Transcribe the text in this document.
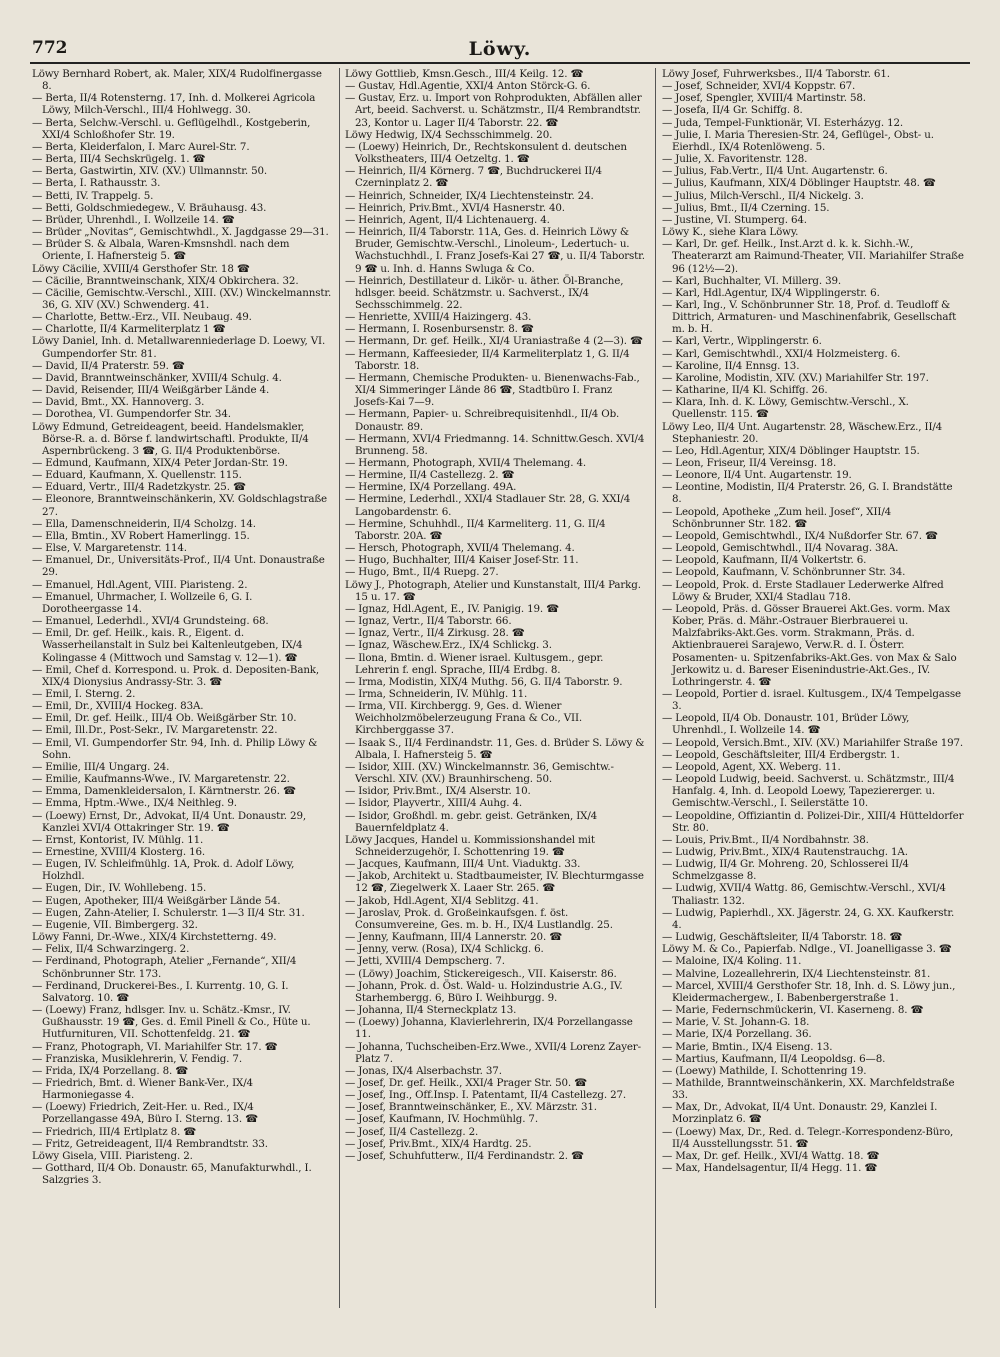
772	Löwy.

Löwy Bernhard Robert, ak. Maler, XIX/4 Rudolfinergasse 8.

— Berta, II/4 Rotensterng. 17, Inh. d. Molkerei Agricola Löwy, Milch-Verschl., III/4 Hohlwegg. 30.

— Berta, Selchw.-Verschl. u. Geflügelhdl., Kostgeberin, XXI/4 Schloßhofer Str. 19.

— Berta, Kleiderfalon, I. Marc Aurel-Str. 7.

— Berta, III/4 Sechskrügelg. 1. ☎

— Berta, Gastwirtin, XIV. (XV.) Ullmannstr. 50.

— Berta, I. Rathausstr. 3.

— Betti, IV. Trappelg. 5.

— Betti, Goldschmiedegew., V. Bräuhausg. 43.

— Brüder, Uhrenhdl., I. Wollzeile 14. ☎

— Brüder „Novitas“, Gemischtwhdl., X. Jagdgasse 29—31.

— Brüder S. & Albala, Waren-Kmsnshdl. nach dem Oriente, I. Hafnersteig 5. ☎

Löwy Cäcilie, XVIII/4 Gersthofer Str. 18 ☎

— Cäcilie, Branntweinschank, XIX/4 Obkirchera. 32.

— Cäcilie, Gemischtw.-Verschl., XIII. (XV.) Winckelmannstr. 36, G. XIV (XV.) Schwenderg. 41.

— Charlotte, Bettw.-Erz., VII. Neubaug. 49.

— Charlotte, II/4 Karmeliterplatz 1 ☎

Löwy Daniel, Inh. d. Metallwarenniederlage D. Loewy, VI. Gumpendorfer Str. 81.

— David, II/4 Praterstr. 59. ☎

— David, Branntweinschänker, XVIII/4 Schulg. 4.

— David, Reisender, III/4 Weißgärber Lände 4.

— David, Bmt., XX. Hannoverg. 3.

— Dorothea, VI. Gumpendorfer Str. 34.

Löwy Edmund, Getreideagent, beeid. Handelsmakler, Börse-R. a. d. Börse f. landwirtschaftl. Produkte, II/4 Aspernbrückeng. 3 ☎, G. II/4 Produktenbörse.

— Edmund, Kaufmann, XIX/4 Peter Jordan-Str. 19.

— Eduard, Kaufmann, X. Quellenstr. 115.

— Eduard, Vertr., III/4 Radetzkystr. 25. ☎

— Eleonore, Branntweinschänkerin, XV. Goldschlagstraße 27.

— Ella, Damenschneiderin, II/4 Scholzg. 14.

— Ella, Bmtin., XV Robert Hamerlingg. 15.

— Else, V. Margaretenstr. 114.

— Emanuel, Dr., Universitäts-Prof., II/4 Unt. Donaustraße 29.

— Emanuel, Hdl.Agent, VIII. Piaristeng. 2.

— Emanuel, Uhrmacher, I. Wollzeile 6, G. I. Dorotheergasse 14.

— Emanuel, Lederhdl., XVI/4 Grundsteing. 68.

— Emil, Dr. gef. Heilk., kais. R., Eigent. d. Wasserheilanstalt in Sulz bei Kaltenleutgeben, IX/4 Kolingasse 4 (Mittwoch und Samstag v. 12—1). ☎

— Emil, Chef d. Korrespond. u. Prok. d. Depositen-Bank, XIX/4 Dionysius Andrassy-Str. 3. ☎

— Emil, I. Sterng. 2.

— Emil, Dr., XVIII/4 Hockeg. 83A.

— Emil, Dr. gef. Heilk., III/4 Ob. Weißgärber Str. 10.

— Emil, Ill.Dr., Post-Sekr., IV. Margaretenstr. 22.

— Emil, VI. Gumpendorfer Str. 94, Inh. d. Philip Löwy & Sohn.

— Emilie, III/4 Ungarg. 24.

— Emilie, Kaufmanns-Wwe., IV. Margaretenstr. 22.

— Emma, Damenkleidersalon, I. Kärntnerstr. 26. ☎

— Emma, Hptm.-Wwe., IX/4 Neithleg. 9.

— (Loewy) Ernst, Dr., Advokat, II/4 Unt. Donaustr. 29, Kanzlei XVI/4 Ottakringer Str. 19. ☎

— Ernst, Kontorist, IV. Mühlg. 11.

— Ernestine, XVIII/4 Klosterg. 16.

— Eugen, IV. Schleifmühlg. 1A, Prok. d. Adolf Löwy, Holzhdl.

— Eugen, Dir., IV. Wohllebeng. 15.

— Eugen, Apotheker, III/4 Weißgärber Lände 54.

— Eugen, Zahn-Atelier, I. Schulerstr. 1—3 II/4 Str. 31.

— Eugenie, VII. Bimbergerg. 32.

Löwy Fanni, Dr.-Wwe., XIX/4 Kirchstetterng. 49.

— Felix, II/4 Schwarzingerg. 2.

— Ferdinand, Photograph, Atelier „Fernande“, XII/4 Schönbrunner Str. 173.

— Ferdinand, Druckerei-Bes., I. Kurrentg. 10, G. I. Salvatorg. 10. ☎

— (Loewy) Franz, hdlsger. Inv. u. Schätz.-Kmsr., IV. Gußhausstr. 19 ☎, Ges. d. Emil Pinell & Co., Hüte u. Hutfurnituren, VII. Schottenfeldg. 21. ☎

— Franz, Photograph, VI. Mariahilfer Str. 17. ☎

— Franziska, Musiklehrerin, V. Fendig. 7.

— Frida, IX/4 Porzellang. 8. ☎

— Friedrich, Bmt. d. Wiener Bank-Ver., IX/4 Harmoniegasse 4.

— (Loewy) Friedrich, Zeit-Her. u. Red., IX/4 Porzellangasse 49A, Büro I. Sterng. 13. ☎

— Friedrich, III/4 Ertlplatz 8. ☎

— Fritz, Getreideagent, II/4 Rembrandtstr. 33.

Löwy Gisela, VIII. Piaristeng. 2.

— Gotthard, II/4 Ob. Donaustr. 65, Manufakturwhdl., I. Salzgries 3.

Löwy Gottlieb, Kmsn.Gesch., III/4 Keilg. 12. ☎

— Gustav, Hdl.Agentie, XXI/4 Anton Störck-G. 6.

— Gustav, Erz. u. Import von Rohprodukten, Abfällen aller Art, beeid. Sachverst. u. Schätzmstr., II/4 Rembrandtstr. 23, Kontor u. Lager II/4 Taborstr. 22. ☎

Löwy Hedwig, IX/4 Sechsschimmelg. 20.

— (Loewy) Heinrich, Dr., Rechtskonsulent d. deutschen Volkstheaters, III/4 Oetzeltg. 1. ☎

— Heinrich, II/4 Körnerg. 7 ☎, Buchdruckerei II/4 Czerninplatz 2. ☎

— Heinrich, Schneider, IX/4 Liechtensteinstr. 24.

— Heinrich, Priv.Bmt., XVI/4 Hasnerstr. 40.

— Heinrich, Agent, II/4 Lichtenauerg. 4.

— Heinrich, II/4 Taborstr. 11A, Ges. d. Heinrich Löwy & Bruder, Gemischtw.-Verschl., Linoleum-, Ledertuch- u. Wachstuchhdl., I. Franz Josefs-Kai 27 ☎, u. II/4 Taborstr. 9 ☎ u. Inh. d. Hanns Swluga & Co.

— Heinrich, Destillateur d. Likör- u. äther. Öl-Branche, hdlsger. beeid. Schätzmstr. u. Sachverst., IX/4 Sechsschimmelg. 22.

— Henriette, XVIII/4 Haizingerg. 43.

— Hermann, I. Rosenbursenstr. 8. ☎

— Hermann, Dr. gef. Heilk., XI/4 Uraniastraße 4 (2—3). ☎

— Hermann, Kaffeesieder, II/4 Karmeliterplatz 1, G. II/4 Taborstr. 18.

— Hermann, Chemische Produkten- u. Bienenwachs-Fab., XI/4 Simmeringer Lände 86 ☎, Stadtbüro I. Franz Josefs-Kai 7—9.

— Hermann, Papier- u. Schreibrequisitenhdl., II/4 Ob. Donaustr. 89.

— Hermann, XVI/4 Friedmanng. 14. Schnittw.Gesch. XVI/4 Brunneng. 58.

— Hermann, Photograph, XVII/4 Thelemang. 4.

— Hermine, II/4 Castellezg. 2. ☎

— Hermine, IX/4 Porzellang. 49A.

— Hermine, Lederhdl., XXI/4 Stadlauer Str. 28, G. XXI/4 Langobardenstr. 6.

— Hermine, Schuhhdl., II/4 Karmeliterg. 11, G. II/4 Taborstr. 20A. ☎

— Hersch, Photograph, XVII/4 Thelemang. 4.

— Hugo, Buchhalter, III/4 Kaiser Josef-Str. 11.

— Hugo, Bmt., II/4 Ruepg. 27.

Löwy J., Photograph, Atelier und Kunstanstalt, III/4 Parkg. 15 u. 17. ☎

— Ignaz, Hdl.Agent, E., IV. Panigig. 19. ☎

— Ignaz, Vertr., II/4 Taborstr. 66.

— Ignaz, Vertr., II/4 Zirkusg. 28. ☎

— Ignaz, Wäschew.Erz., IX/4 Schlickg. 3.

— Ilona, Bmtin. d. Wiener israel. Kultusgem., gepr. Lehrerin f. engl. Sprache, III/4 Erdbg. 8.

— Irma, Modistin, XIX/4 Muthg. 56, G. II/4 Taborstr. 9.

— Irma, Schneiderin, IV. Mühlg. 11.

— Irma, VII. Kirchbergg. 9, Ges. d. Wiener Weichholzmöbelerzeugung Frana & Co., VII. Kirchberggasse 37.

— Isaak S., II/4 Ferdinandstr. 11, Ges. d. Brüder S. Löwy & Albala, I. Hafnersteig 5. ☎

— Isidor, XIII. (XV.) Winckelmannstr. 36, Gemischtw.-Verschl. XIV. (XV.) Braunhirscheng. 50.

— Isidor, Priv.Bmt., IX/4 Alserstr. 10.

— Isidor, Playvertr., XIII/4 Auhg. 4.

— Isidor, Großhdl. m. gebr. geist. Getränken, IX/4 Bauernfeldplatz 4.

Löwy Jacques, Handel u. Kommissionshandel mit Schneiderzugehör, I. Schottenring 19. ☎

— Jacques, Kaufmann, III/4 Unt. Viaduktg. 33.

— Jakob, Architekt u. Stadtbaumeister, IV. Blechturmgasse 12 ☎, Ziegelwerk X. Laaer Str. 265. ☎

— Jakob, Hdl.Agent, XI/4 Seblitzg. 41.

— Jaroslav, Prok. d. Großeinkaufsgen. f. öst. Consumvereine, Ges. m. b. H., IX/4 Lustlandlg. 25.

— Jenny, Kaufmann, III/4 Lannerstr. 20. ☎

— Jenny, verw. (Rosa), IX/4 Schlickg. 6.

— Jetti, XVIII/4 Dempscherg. 7.

— (Löwy) Joachim, Stickereigesch., VII. Kaiserstr. 86.

— Johann, Prok. d. Öst. Wald- u. Holzindustrie A.G., IV. Starhembergg. 6, Büro I. Weihburgg. 9.

— Johanna, II/4 Sterneckplatz 13.

— (Loewy) Johanna, Klavierlehrerin, IX/4 Porzellangasse 11.

— Johanna, Tuchscheiben-Erz.Wwe., XVII/4 Lorenz Zayer-Platz 7.

— Jonas, IX/4 Alserbachstr. 37.

— Josef, Dr. gef. Heilk., XXI/4 Prager Str. 50. ☎

— Josef, Ing., Off.Insp. I. Patentamt, II/4 Castellezg. 27.

— Josef, Branntweinschänker, E., XV. Märzstr. 31.

— Josef, Kaufmann, IV. Hochmühlg. 7.

— Josef, II/4 Castellezg. 2.

— Josef, Priv.Bmt., XIX/4 Hardtg. 25.

— Josef, Schuhfutterw., II/4 Ferdinandstr. 2. ☎

Löwy Josef, Fuhrwerksbes., II/4 Taborstr. 61.

— Josef, Schneider, XVI/4 Koppstr. 67.

— Josef, Spengler, XVIII/4 Martinstr. 58.

— Josefa, II/4 Gr. Schiffg. 8.

— Juda, Tempel-Funktionär, VI. Esterházyg. 12.

— Julie, I. Maria Theresien-Str. 24, Geflügel-, Obst- u. Eierhdl., IX/4 Rotenlöweng. 5.

— Julie, X. Favoritenstr. 128.

— Julius, Fab.Vertr., II/4 Unt. Augartenstr. 6.

— Julius, Kaufmann, XIX/4 Döblinger Hauptstr. 48. ☎

— Julius, Milch-Verschl., II/4 Nickelg. 3.

— Julius, Bmt., II/4 Czerning. 15.

— Justine, VI. Stumperg. 64.

Löwy K., siehe Klara Löwy.

— Karl, Dr. gef. Heilk., Inst.Arzt d. k. k. Sichh.-W., Theaterarzt am Raimund-Theater, VII. Mariahilfer Straße 96 (12½—2).

— Karl, Buchhalter, VI. Millerg. 39.

— Karl, Hdl.Agentur, IX/4 Wipplingerstr. 6.

— Karl, Ing., V. Schönbrunner Str. 18, Prof. d. Teudloff & Dittrich, Armaturen- und Maschinenfabrik, Gesellschaft m. b. H.

— Karl, Vertr., Wipplingerstr. 6.

— Karl, Gemischtwhdl., XXI/4 Holzmeisterg. 6.

— Karoline, II/4 Ennsg. 13.

— Karoline, Modistin, XIV. (XV.) Mariahilfer Str. 197.

— Katharine, II/4 Kl. Schiffg. 26.

— Klara, Inh. d. K. Löwy, Gemischtw.-Verschl., X. Quellenstr. 115. ☎

Löwy Leo, II/4 Unt. Augartenstr. 28, Wäschew.Erz., II/4 Stephaniestr. 20.

— Leo, Hdl.Agentur, XIX/4 Döblinger Hauptstr. 15.

— Leon, Friseur, II/4 Vereinsg. 18.

— Leonore, II/4 Unt. Augartenstr. 19.

— Leontine, Modistin, II/4 Praterstr. 26, G. I. Brandstätte 8.

— Leopold, Apotheke „Zum heil. Josef“, XII/4 Schönbrunner Str. 182. ☎

— Leopold, Gemischtwhdl., IX/4 Nußdorfer Str. 67. ☎

— Leopold, Gemischtwhdl., II/4 Novarag. 38A.

— Leopold, Kaufmann, II/4 Volkertstr. 6.

— Leopold, Kaufmann, V. Schönbrunner Str. 34.

— Leopold, Prok. d. Erste Stadlauer Lederwerke Alfred Löwy & Bruder, XXI/4 Stadlau 718.

— Leopold, Präs. d. Gösser Brauerei Akt.Ges. vorm. Max Kober, Präs. d. Mähr.-Ostrauer Bierbrauerei u. Malzfabriks-Akt.Ges. vorm. Strakmann, Präs. d. Aktienbrauerei Sarajewo, Verw.R. d. I. Österr. Posamenten- u. Spitzenfabriks-Akt.Ges. von Max & Salo Jerkowitz u. d. Bareser Eisenindustrie-Akt.Ges., IV. Lothringerstr. 4. ☎

— Leopold, Portier d. israel. Kultusgem., IX/4 Tempelgasse 3.

— Leopold, II/4 Ob. Donaustr. 101, Brüder Löwy, Uhrenhdl., I. Wollzeile 14. ☎

— Leopold, Versich.Bmt., XIV. (XV.) Mariahilfer Straße 197.

— Leopold, Geschäftsleiter, III/4 Erdbergstr. 1.

— Leopold, Agent, XX. Weberg. 11.

— Leopold Ludwig, beeid. Sachverst. u. Schätzmstr., III/4 Hanfalg. 4, Inh. d. Leopold Loewy, Tapeziererger. u. Gemischtw.-Verschl., I. Seilerstätte 10.

— Leopoldine, Offiziantin d. Polizei-Dir., XIII/4 Hütteldorfer Str. 80.

— Louis, Priv.Bmt., II/4 Nordbahnstr. 38.

— Ludwig, Priv.Bmt., XIX/4 Rautenstrauchg. 1A.

— Ludwig, II/4 Gr. Mohreng. 20, Schlosserei II/4 Schmelzgasse 8.

— Ludwig, XVII/4 Wattg. 86, Gemischtw.-Verschl., XVI/4 Thaliastr. 132.

— Ludwig, Papierhdl., XX. Jägerstr. 24, G. XX. Kaufkerstr. 4.

— Ludwig, Geschäftsleiter, II/4 Taborstr. 18. ☎

Löwy M. & Co., Papierfab. Ndlge., VI. Joanelligasse 3. ☎

— Maloine, IX/4 Koling. 11.

— Malvine, Lozeallehrerin, IX/4 Liechtensteinstr. 81.

— Marcel, XVIII/4 Gersthofer Str. 18, Inh. d. S. Löwy jun., Kleidermachergew., I. Babenbergerstraße 1.

— Marie, Federnschmückerin, VI. Kaserneng. 8. ☎

— Marie, V. St. Johann-G. 18.

— Marie, IX/4 Porzellang. 36.

— Marie, Bmtin., IX/4 Eiseng. 13.

— Martius, Kaufmann, II/4 Leopoldsg. 6—8.

— (Loewy) Mathilde, I. Schottenring 19.

— Mathilde, Branntweinschänkerin, XX. Marchfeldstraße 33.

— Max, Dr., Advokat, II/4 Unt. Donaustr. 29, Kanzlei I. Morzinplatz 6. ☎

— (Loewy) Max, Dr., Red. d. Telegr.-Korrespondenz-Büro, II/4 Ausstellungsstr. 51. ☎

— Max, Dr. gef. Heilk., XVI/4 Wattg. 18. ☎

— Max, Handelsagentur, II/4 Hegg. 11. ☎
